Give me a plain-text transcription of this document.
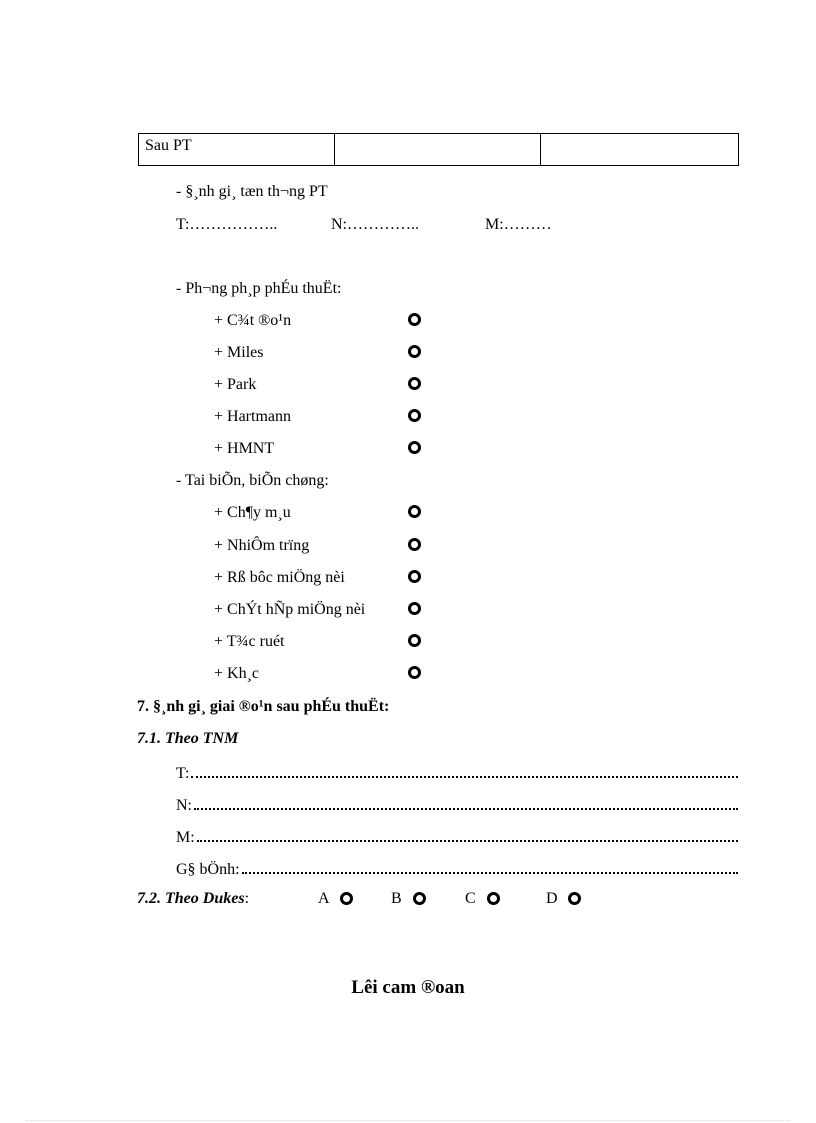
Sau PT		
- §¸nh gi¸ tæn th¬ng PT
T:……………..	N:…………..	M:………
- Ph¬ng ph¸p phÉu thuËt:
+ C¾t ®o¹n
+ Miles
+ Park
+ Hartmann
+ HMNT
- Tai biÕn, biÕn chøng:
+ Ch¶y m¸u
+ NhiÔm trïng
+ Rß bôc miÖng nèi
+ ChÝt hÑp miÖng nèi
+ T¾c ruét
+ Kh¸c
7. §¸nh gi¸ giai ®o¹n sau phÉu thuËt:
7.1. Theo TNM
T:
N:
M:
G§ bÖnh:
7.2. Theo Dukes:	A	B	C	D
Lêi cam ®oan
